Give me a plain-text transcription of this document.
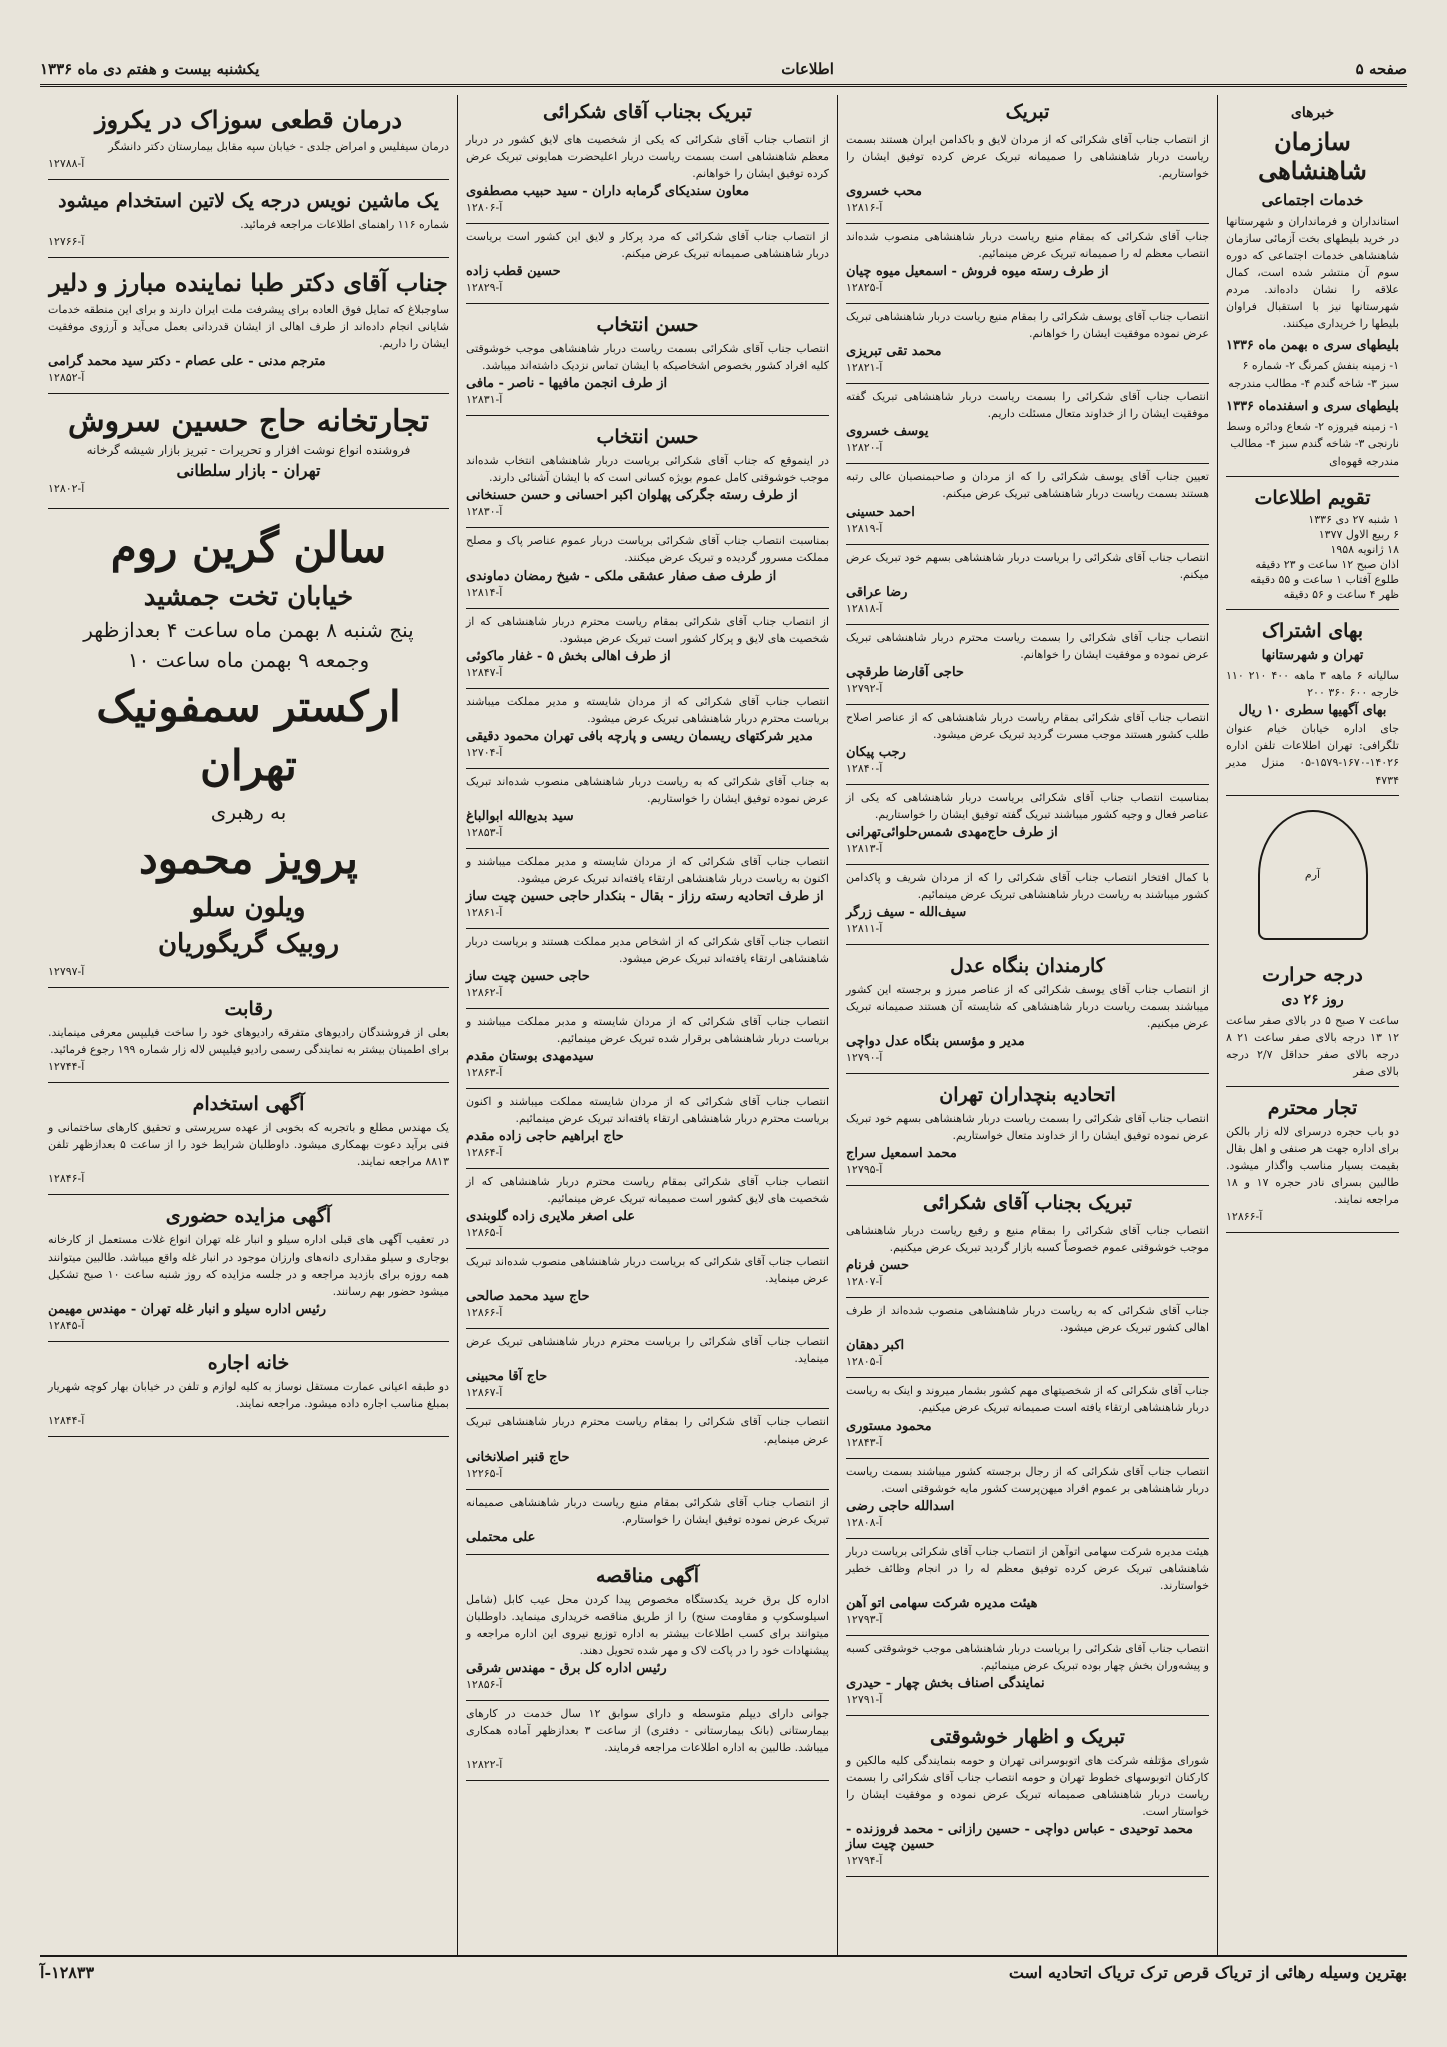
صفحه ۵
اطلاعات
یکشنبه بیست و هفتم دی ماه ۱۳۳۶
خبرهای
سازمان شاهنشاهی
خدمات اجتماعی
استانداران و فرمانداران و شهرستانها در خرید بلیطهای بخت آزمائی سازمان شاهنشاهی خدمات اجتماعی که دوره سوم آن منتشر شده است، کمال علاقه را نشان داده‌اند. مردم شهرستانها نیز با استقبال فراوان بلیطها را خریداری میکنند.
بلیطهای سری ه بهمن ماه ۱۳۳۶
۱- زمینه بنفش کمرنگ ۲- شماره ۶ سبز ۳- شاخه گندم ۴- مطالب مندرجه
بلیطهای سری و اسفندماه ۱۳۳۶
۱- زمینه فیروزه ۲- شعاع ودائره وسط نارنجی ۳- شاخه گندم سبز ۴- مطالب مندرجه قهوه‌ای
تقویم اطلاعات
۱ شنبه ۲۷ دی ۱۳۳۶
۶ ربیع الاول ۱۳۷۷
۱۸ ژانویه ۱۹۵۸
اذان صبح ۱۲ ساعت و ۲۳ دقیقه
طلوع آفتاب ۱ ساعت و ۵۵ دقیقه
ظهر ۴ ساعت و ۵۶ دقیقه
بهای اشتراک
تهران و شهرستانها
سالیانه ۶ ماهه ۳ ماهه ۴۰۰ ۲۱۰ ۱۱۰ خارجه ۶۰۰ ۳۶۰ ۲۰۰
بهای آگهیها سطری ۱۰ ریال
جای اداره خیابان خیام عنوان تلگرافی: تهران اطلاعات تلفن اداره ۱۴۰۲۶-۱۶۷۰-۱۵۷۹-۰۵ منزل مدیر ۴۷۳۴
آرم
درجه حرارت
روز ۲۶ دی
ساعت ۷ صبح ۵ در بالای صفر ساعت ۱۲ ۱۳ درجه بالای صفر ساعت ۲۱ ۸ درجه بالای صفر حداقل ۲/۷ درجه بالای صفر
تجار محترم
دو باب حجره درسرای لاله زار بالکن برای اداره جهت هر صنفی و اهل بقال بقیمت بسیار مناسب واگذار میشود. طالبین بسرای نادر حجره ۱۷ و ۱۸ مراجعه نمایند.
۱۲۸۶۶-آ
تبریک
از انتصاب جناب آقای شکرائی که از مردان لایق و باکدامن ایران هستند بسمت ریاست دربار شاهنشاهی را صمیمانه تبریک عرض کرده توفیق ایشان را خواستاریم.
محب خسروی
۱۲۸۱۶-آ
جناب آقای شکرائی که بمقام منیع ریاست دربار شاهنشاهی منصوب شده‌اند انتصاب معظم له را صمیمانه تبریک عرض مینمائیم.
از طرف رسته میوه فروش - اسمعیل میوه چیان
۱۲۸۲۵-آ
انتصاب جناب آقای یوسف شکرائی را بمقام منیع ریاست دربار شاهنشاهی تبریک عرض نموده موفقیت ایشان را خواهانم.
محمد تقی تبریزی
۱۲۸۲۱-آ
انتصاب جناب آقای شکرائی را بسمت ریاست دربار شاهنشاهی تبریک گفته موفقیت ایشان را از خداوند متعال مسئلت داریم.
یوسف خسروی
۱۲۸۲۰-آ
تعیین جناب آقای یوسف شکرائی را که از مردان و صاحبمنصبان عالی رتبه هستند بسمت ریاست دربار شاهنشاهی تبریک عرض میکنم.
احمد حسینی
۱۲۸۱۹-آ
انتصاب جناب آقای شکرائی را بریاست دربار شاهنشاهی بسهم خود تبریک عرض میکنم.
رضا عراقی
۱۲۸۱۸-آ
انتصاب جناب آقای شکرائی را بسمت ریاست محترم دربار شاهنشاهی تبریک عرض نموده و موفقیت ایشان را خواهانم.
حاجی آقارضا طرقچی
۱۲۷۹۲-آ
انتصاب جناب آقای شکرائی بمقام ریاست دربار شاهنشاهی که از عناصر اصلاح طلب کشور هستند موجب مسرت گردید تبریک عرض میشود.
رجب پیکان
۱۲۸۴۰-آ
بمناسبت انتصاب جناب آقای شکرائی بریاست دربار شاهنشاهی که یکی از عناصر فعال و وجیه کشور میباشند تبریک گفته توفیق ایشان را خواستاریم.
از طرف حاج‌مهدی شمس‌حلوائی‌تهرانی
۱۲۸۱۳-آ
با کمال افتخار انتصاب جناب آقای شکرائی را که از مردان شریف و پاکدامن کشور میباشند به ریاست دربار شاهنشاهی تبریک عرض مینمائیم.
سیف‌الله - سیف زرگر
۱۲۸۱۱-آ
کارمندان بنگاه عدل
از انتصاب جناب آقای یوسف شکرائی که از عناصر مبرز و برجسته این کشور میباشند بسمت ریاست دربار شاهنشاهی که شایسته آن هستند صمیمانه تبریک عرض میکنیم.
مدیر و مؤسس بنگاه عدل دواچی
۱۲۷۹۰-آ
اتحادیه بنچداران تهران
انتصاب جناب آقای شکرائی را بسمت ریاست دربار شاهنشاهی بسهم خود تبریک عرض نموده توفیق ایشان را از خداوند متعال خواستاریم.
محمد اسمعیل سراج
۱۲۷۹۵-آ
تبریک بجناب آقای شکرائی
انتصاب جناب آقای شکرائی را بمقام منیع و رفیع ریاست دربار شاهنشاهی موجب خوشوقتی عموم خصوصاً کسبه بازار گردید تبریک عرض میکنیم.
حسن فرنام
۱۲۸۰۷-آ
جناب آقای شکرائی که به ریاست دربار شاهنشاهی منصوب شده‌اند از طرف اهالی کشور تبریک عرض میشود.
اکبر دهقان
۱۲۸۰۵-آ
جناب آقای شکرائی که از شخصیتهای مهم کشور بشمار میروند و اینک به ریاست دربار شاهنشاهی ارتقاء یافته است صمیمانه تبریک عرض میکنیم.
محمود مستوری
۱۲۸۴۳-آ
انتصاب جناب آقای شکرائی که از رجال برجسته کشور میباشند بسمت ریاست دربار شاهنشاهی بر عموم افراد میهن‌پرست کشور مایه خوشوقتی است.
اسدالله حاجی رضی
۱۲۸۰۸-آ
هیئت مدیره شرکت سهامی اتوآهن از انتصاب جناب آقای شکرائی بریاست دربار شاهنشاهی تبریک عرض کرده توفیق معظم له را در انجام وظائف خطیر خواستارند.
هیئت مدیره شرکت سهامی اتو آهن
۱۲۷۹۳-آ
انتصاب جناب آقای شکرائی را بریاست دربار شاهنشاهی موجب خوشوقتی کسبه و پیشه‌وران بخش چهار بوده تبریک عرض مینمائیم.
نمایندگی اصناف بخش چهار - حیدری
۱۲۷۹۱-آ
تبریک و اظهار خوشوقتی
شورای مؤتلفه شرکت های اتوبوسرانی تهران و حومه بنمایندگی کلیه مالکین و کارکنان اتوبوسهای خطوط تهران و حومه انتصاب جناب آقای شکرائی را بسمت ریاست دربار شاهنشاهی صمیمانه تبریک عرض نموده و موفقیت ایشان را خواستار است.
محمد توحیدی - عباس دواچی - حسین رازانی - محمد فروزنده - حسین چیت ساز
۱۲۷۹۴-آ
تبریک بجناب آقای شکرائی
از انتصاب جناب آقای شکرائی که یکی از شخصیت های لایق کشور در دربار معظم شاهنشاهی است بسمت ریاست دربار اعلیحضرت همایونی تبریک عرض کرده توفیق ایشان را خواهانم.
معاون سندیکای گرمابه داران - سید حبیب مصطفوی
۱۲۸۰۶-آ
از انتصاب جناب آقای شکرائی که مرد پرکار و لایق این کشور است بریاست دربار شاهنشاهی صمیمانه تبریک عرض میکنم.
حسین قطب زاده
۱۲۸۲۹-آ
حسن انتخاب
انتصاب جناب آقای شکرائی بسمت ریاست دربار شاهنشاهی موجب خوشوقتی کلیه افراد کشور بخصوص اشخاصیکه با ایشان تماس نزدیک داشته‌اند میباشد.
از طرف انجمن مافیها - ناصر - مافی
۱۲۸۳۱-آ
حسن انتخاب
در اینموقع که جناب آقای شکرائی بریاست دربار شاهنشاهی انتخاب شده‌اند موجب خوشوقتی کامل عموم بویژه کسانی است که با ایشان آشنائی دارند.
از طرف رسته جگرکی پهلوان اکبر احسانی و حسن حسنخانی
۱۲۸۳۰-آ
بمناسبت انتصاب جناب آقای شکرائی بریاست دربار عموم عناصر پاک و مصلح مملکت مسرور گردیده و تبریک عرض میکنند.
از طرف صف صفار عشقی ملکی - شیخ رمضان دماوندی
۱۲۸۱۴-آ
از انتصاب جناب آقای شکرائی بمقام ریاست محترم دربار شاهنشاهی که از شخصیت های لایق و پرکار کشور است تبریک عرض میشود.
از طرف اهالی بخش ۵ - غفار ماکوئی
۱۲۸۴۷-آ
انتصاب جناب آقای شکرائی که از مردان شایسته و مدیر مملکت میباشند بریاست محترم دربار شاهنشاهی تبریک عرض میشود.
مدیر شرکتهای ریسمان ریسی و پارچه بافی تهران محمود دقیقی
۱۲۷۰۴-آ
به جناب آقای شکرائی که به ریاست دربار شاهنشاهی منصوب شده‌اند تبریک عرض نموده توفیق ایشان را خواستاریم.
سید بدیع‌الله ابوالباغ
۱۲۸۵۳-آ
انتصاب جناب آقای شکرائی که از مردان شایسته و مدیر مملکت میباشند و اکنون به ریاست دربار شاهنشاهی ارتقاء یافته‌اند تبریک عرض میشود.
از طرف اتحادیه رسته رزاز - بقال - بنکدار حاجی حسین چیت ساز
۱۲۸۶۱-آ
انتصاب جناب آقای شکرائی که از اشخاص مدیر مملکت هستند و بریاست دربار شاهنشاهی ارتقاء یافته‌اند تبریک عرض میشود.
حاجی حسین چیت ساز
۱۲۸۶۲-آ
انتصاب جناب آقای شکرائی که از مردان شایسته و مدبر مملکت میباشند و بریاست دربار شاهنشاهی برقرار شده تبریک عرض مینمائیم.
سیدمهدی بوستان مقدم
۱۲۸۶۳-آ
انتصاب جناب آقای شکرائی که از مردان شایسته مملکت میباشند و اکنون بریاست محترم دربار شاهنشاهی ارتقاء یافته‌اند تبریک عرض مینمائیم.
حاج ابراهیم حاجی زاده مقدم
۱۲۸۶۴-آ
انتصاب جناب آقای شکرائی بمقام ریاست محترم دربار شاهنشاهی که از شخصیت های لایق کشور است صمیمانه تبریک عرض مینمائیم.
علی اصغر ملایری زاده گلوبندی
۱۲۸۶۵-آ
انتصاب جناب آقای شکرائی که بریاست دربار شاهنشاهی منصوب شده‌اند تبریک عرض مینماید.
حاج سید محمد صالحی
۱۲۸۶۶-آ
انتصاب جناب آقای شکرائی را بریاست محترم دربار شاهنشاهی تبریک عرض مینماید.
حاج آقا محبینی
۱۲۸۶۷-آ
انتصاب جناب آقای شکرائی را بمقام ریاست محترم دربار شاهنشاهی تبریک عرض مینمایم.
حاج قنبر اصلانخانی
۱۲۲۶۵-آ
از انتصاب جناب آقای شکرائی بمقام منیع ریاست دربار شاهنشاهی صمیمانه تبریک عرض نموده توفیق ایشان را خواستارم.
علی محتملی
آگهی مناقصه
اداره کل برق خرید یکدستگاه مخصوص پیدا کردن محل عیب کابل (شامل اسیلوسکوپ و مقاومت سنج) را از طریق مناقصه خریداری مینماید. داوطلبان میتوانند برای کسب اطلاعات بیشتر به اداره توزیع نیروی این اداره مراجعه و پیشنهادات خود را در پاکت لاک و مهر شده تحویل دهند.
رئیس اداره کل برق - مهندس شرقی
۱۲۸۵۶-آ
جوانی دارای دیپلم متوسطه و دارای سوابق ۱۲ سال خدمت در کارهای بیمارستانی (بانک بیمارستانی - دفتری) از ساعت ۳ بعدازظهر آماده همکاری میباشد. طالبین به اداره اطلاعات مراجعه فرمایند.
۱۲۸۲۲-آ
درمان قطعی سوزاک در یکروز
درمان سیفلیس و امراض جلدی - خیابان سپه مقابل بیمارستان دکتر دانشگر
۱۲۷۸۸-آ
یک ماشین نویس درجه یک لاتین استخدام میشود
شماره ۱۱۶ راهنمای اطلاعات مراجعه فرمائید.
۱۲۷۶۶-آ
جناب آقای دکتر طبا نماینده مبارز و دلیر
ساوجبلاغ که تمایل فوق العاده برای پیشرفت ملت ایران دارند و برای این منطقه خدمات شایانی انجام داده‌اند از طرف اهالی از ایشان قدردانی بعمل می‌آید و آرزوی موفقیت ایشان را داریم.
مترجم مدنی - علی عصام - دکتر سید محمد گرامی
۱۲۸۵۲-آ
تجارتخانه حاج حسین سروش
فروشنده انواع نوشت افزار و تحریرات - تبریز بازار شیشه گرخانه
تهران - بازار سلطانی
۱۲۸۰۲-آ
سالن گرین روم
خیابان تخت جمشید
پنج شنبه ۸ بهمن ماه ساعت ۴ بعدازظهر
وجمعه ۹ بهمن ماه ساعت ۱۰
ارکستر سمفونیک
تهران
به رهبری
پرویز محمود
ویلون سلو
روبیک گریگوریان
۱۲۷۹۷-آ
رقابت
بعلی از فروشندگان رادیوهای متفرقه رادیوهای خود را ساخت فیلیپس معرفی مینمایند. برای اطمینان بیشتر به نمایندگی رسمی رادیو فیلیپس لاله زار شماره ۱۹۹ رجوع فرمائید.
۱۲۷۴۴-آ
آگهی استخدام
یک مهندس مطلع و باتجربه که بخوبی از عهده سرپرستی و تحقیق کارهای ساختمانی و فنی برآید دعوت بهمکاری میشود. داوطلبان شرایط خود را از ساعت ۵ بعدازظهر تلفن ۸۸۱۳ مراجعه نمایند.
۱۲۸۴۶-آ
آگهی مزایده حضوری
در تعقیب آگهی های قبلی اداره سیلو و انبار غله تهران انواع غلات مستعمل از کارخانه بوجاری و سیلو مقداری دانه‌های وارزان موجود در انبار غله واقع میباشد. طالبین میتوانند همه روزه برای بازدید مراجعه و در جلسه مزایده که روز شنبه ساعت ۱۰ صبح تشکیل میشود حضور بهم رسانند.
رئیس اداره سیلو و انبار غله تهران - مهندس مهیمن
۱۲۸۴۵-آ
خانه اجاره
دو طبقه اعیانی عمارت مستقل نوساز به کلیه لوازم و تلفن در خیابان بهار کوچه شهریار بمبلغ مناسب اجاره داده میشود. مراجعه نمایند.
۱۲۸۴۴-آ
بهترین وسیله رهائی از تریاک قرص ترک تریاک اتحادیه است
۱۲۸۳۳-آ
